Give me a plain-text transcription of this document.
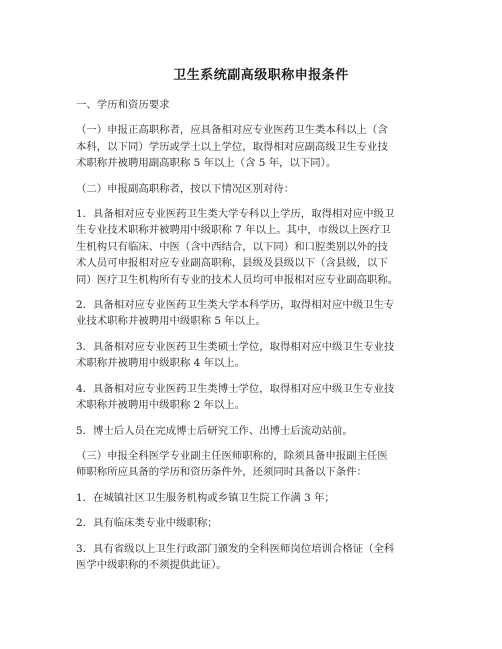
卫生系统副高级职称申报条件
一、学历和资历要求
（一）申报正高职称者，应具备相对应专业医药卫生类本科以上（含
本科，以下同）学历或学士以上学位，取得相对应副高级卫生专业技
术职称并被聘用副高职称 5 年以上（含 5 年，以下同）。
（二）申报副高职称者，按以下情况区别对待：
1．具备相对应专业医药卫生类大学专科以上学历，取得相对应中级卫
生专业技术职称并被聘用中级职称 7 年以上。其中，市级以上医疗卫
生机构只有临床、中医（含中西结合，以下同）和口腔类别以外的技
术人员可申报相对应专业副高职称，县级及县级以下（含县级，以下
同）医疗卫生机构所有专业的技术人员均可申报相对应专业副高职称。
2．具备相对应专业医药卫生类大学本科学历，取得相对应中级卫生专
业技术职称并被聘用中级职称 5 年以上。
3．具备相对应专业医药卫生类硕士学位，取得相对应中级卫生专业技
术职称并被聘用中级职称 4 年以上。
4．具备相对应专业医药卫生类博士学位，取得相对应中级卫生专业技
术职称并被聘用中级职称 2 年以上。
5．博士后人员在完成博士后研究工作、出博士后流动站前。
（三）申报全科医学专业副主任医师职称的，除须具备申报副主任医
师职称所应具备的学历和资历条件外，还须同时具备以下条件：
1．在城镇社区卫生服务机构或乡镇卫生院工作满 3 年；
2．具有临床类专业中级职称；
3．具有省级以上卫生行政部门颁发的全科医师岗位培训合格证（全科
医学中级职称的不须提供此证）。
